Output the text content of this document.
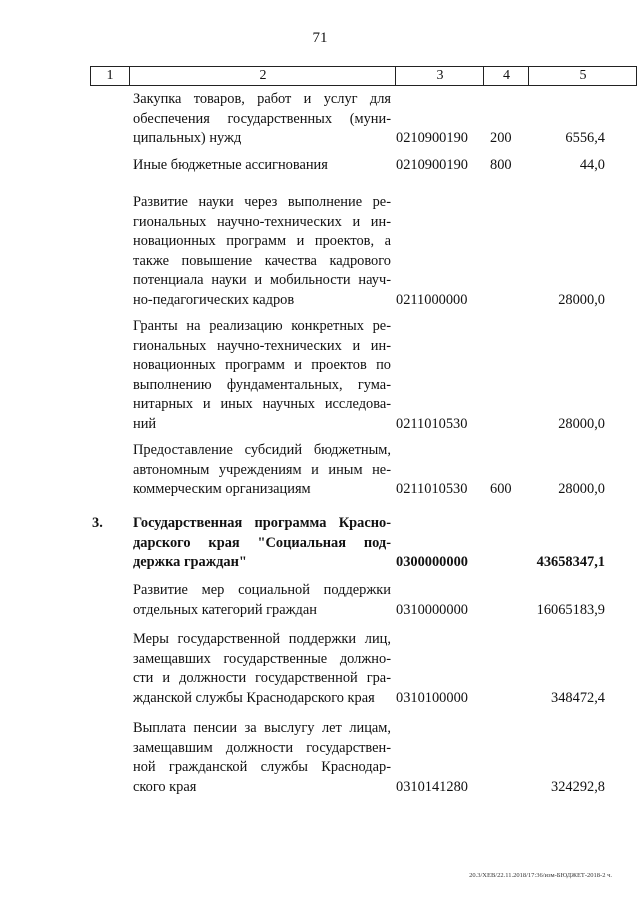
71
1	2	3	4	5
Закупка товаров, работ и услуг для
обеспечения государственных (муни-
ципальных) нужд	0210900190 200	6556,4
Иные бюджетные ассигнования	0210900190 800	44,0
Развитие науки через выполнение ре-
гиональных научно-технических и ин-
новационных программ и проектов, а
также повышение качества кадрового
потенциала науки и мобильности науч-
но-педагогических кадров	0211000000	28000,0
Гранты на реализацию конкретных ре-
гиональных научно-технических и ин-
новационных программ и проектов по
выполнению фундаментальных, гума-
нитарных и иных научных исследова-
ний	0211010530	28000,0
Предоставление субсидий бюджетным,
автономным учреждениям и иным не-
коммерческим организациям	0211010530 600	28000,0
3.	Государственная программа Красно-
дарского края "Социальная под-
держка граждан"	0300000000	43658347,1
Развитие мер социальной поддержки
отдельных категорий граждан	0310000000	16065183,9
Меры государственной поддержки лиц,
замещавших государственные должно-
сти и должности государственной гра-
жданской службы Краснодарского края	0310100000	348472,4
Выплата пенсии за выслугу лет лицам,
замещавшим должности государствен-
ной гражданской службы Краснодар-
ского края	0310141280	324292,8
20.3/ХЕВ/22.11.2018/17:36/изм-БЮДЖЕТ-2018-2 ч.
